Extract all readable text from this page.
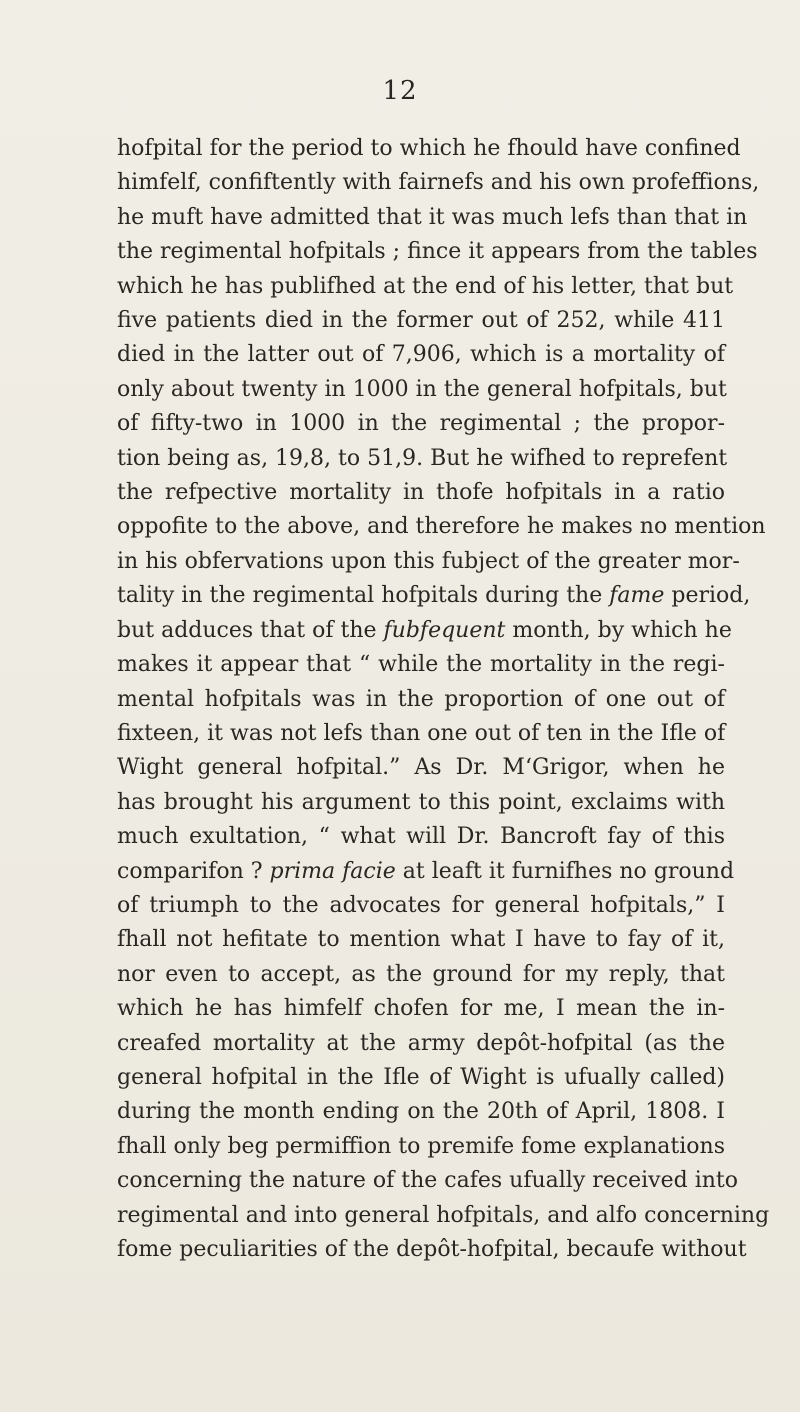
12
hofpital for the period to which he fhould have confined
himfelf, confiftently with fairnefs and his own profeffions,
he muft have admitted that it was much lefs than that in
the regimental hofpitals ; fince it appears from the tables
which he has publifhed at the end of his letter, that but
five patients died in the former out of 252, while 411
died in the latter out of 7,906, which is a mortality of
only about twenty in 1000 in the general hofpitals, but
of fifty-two in 1000 in the regimental ; the propor-
tion being as, 19,8, to 51,9. But he wifhed to reprefent
the refpective mortality in thofe hofpitals in a ratio
oppofite to the above, and therefore he makes no mention
in his obfervations upon this fubject of the greater mor-
tality in the regimental hofpitals during the fame period,
but adduces that of the fubfequent month, by which he
makes it appear that “ while the mortality in the regi-
mental hofpitals was in the proportion of one out of
fixteen, it was not lefs than one out of ten in the Ifle of
Wight general hofpital.” As Dr. M‘Grigor, when he
has brought his argument to this point, exclaims with
much exultation, “ what will Dr. Bancroft fay of this
comparifon ? prima facie at leaft it furnifhes no ground
of triumph to the advocates for general hofpitals,” I
fhall not hefitate to mention what I have to fay of it,
nor even to accept, as the ground for my reply, that
which he has himfelf chofen for me, I mean the in-
creafed mortality at the army depôt-hofpital (as the
general hofpital in the Ifle of Wight is ufually called)
during the month ending on the 20th of April, 1808. I
fhall only beg permiffion to premife fome explanations
concerning the nature of the cafes ufually received into
regimental and into general hofpitals, and alfo concerning
fome peculiarities of the depôt-hofpital, becaufe without
